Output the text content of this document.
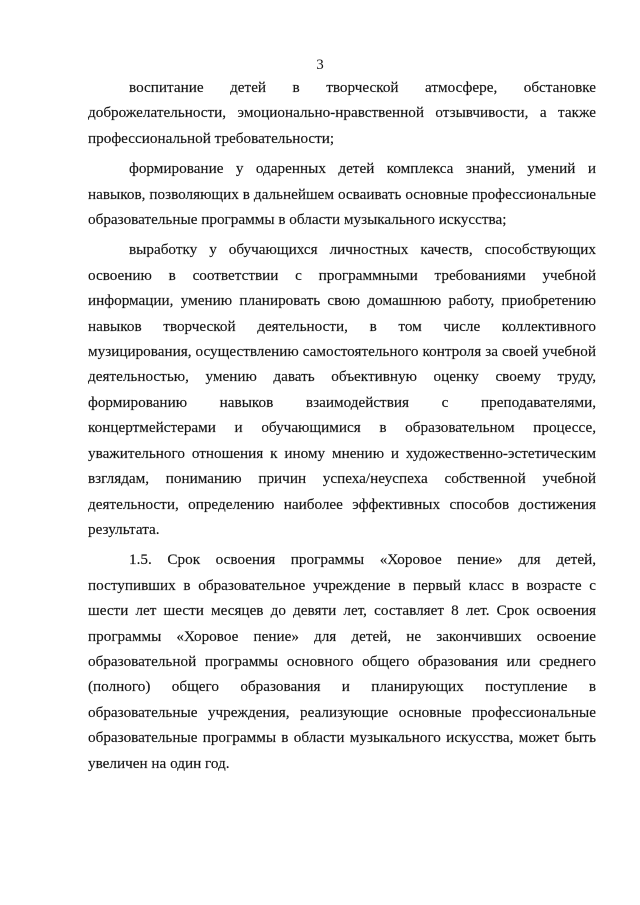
3

воспитание детей в творческой атмосфере, обстановке доброжелательности, эмоционально-нравственной отзывчивости, а также профессиональной требовательности;

формирование у одаренных детей комплекса знаний, умений и навыков, позволяющих в дальнейшем осваивать основные профессиональные образовательные программы в области музыкального искусства;

выработку у обучающихся личностных качеств, способствующих освоению в соответствии с программными требованиями учебной информации, умению планировать свою домашнюю работу, приобретению навыков творческой деятельности, в том числе коллективного музицирования, осуществлению самостоятельного контроля за своей учебной деятельностью, умению давать объективную оценку своему труду, формированию навыков взаимодействия с преподавателями, концертмейстерами и обучающимися в образовательном процессе, уважительного отношения к иному мнению и художественно-эстетическим взглядам, пониманию причин успеха/неуспеха собственной учебной деятельности, определению наиболее эффективных способов достижения результата.

1.5. Срок освоения программы «Хоровое пение» для детей, поступивших в образовательное учреждение в первый класс в возрасте с шести лет шести месяцев до девяти лет, составляет 8 лет. Срок освоения программы «Хоровое пение» для детей, не закончивших освоение образовательной программы основного общего образования или среднего (полного) общего образования и планирующих поступление в образовательные учреждения, реализующие основные профессиональные образовательные программы в области музыкального искусства, может быть увеличен на один год.
